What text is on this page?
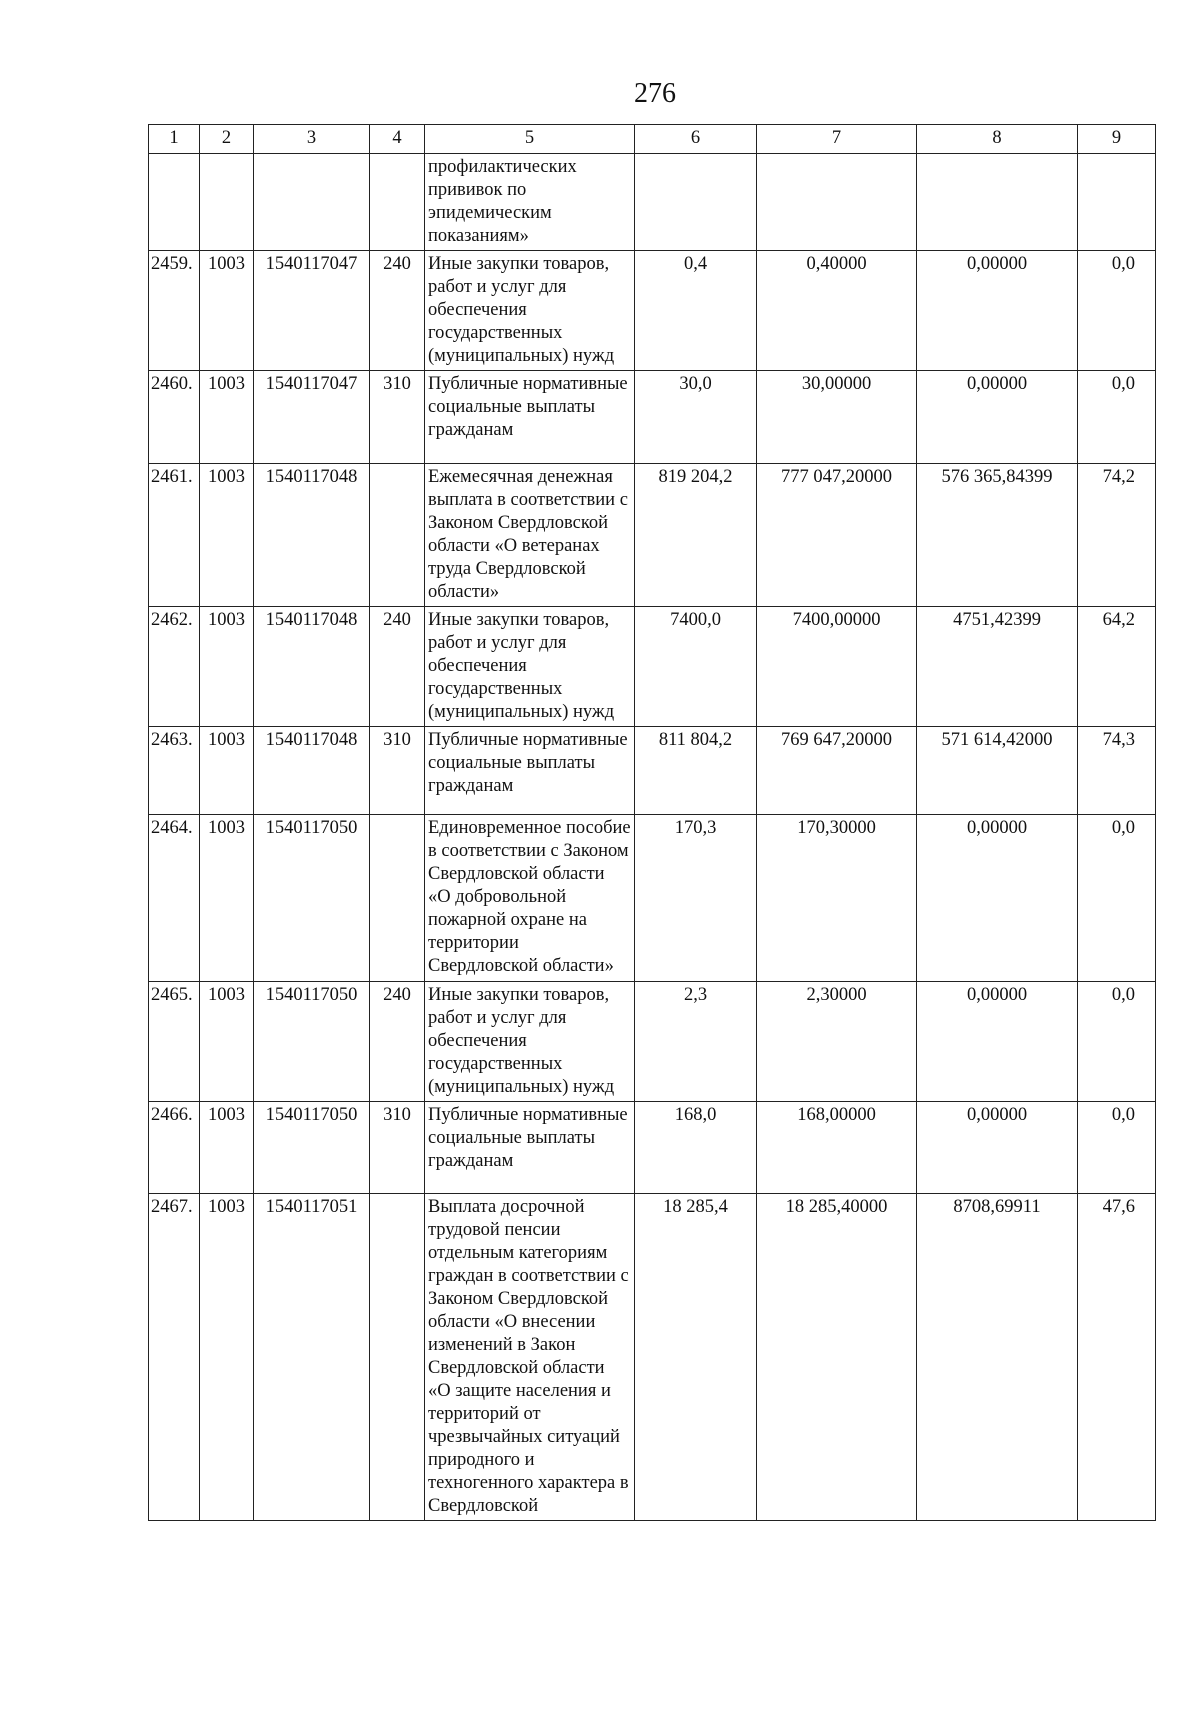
276
1	2	3	4	5	6	7	8	9
				профилактических прививок по эпидемическим показаниям»				
2459.	1003	1540117047	240	Иные закупки товаров, работ и услуг для обеспечения государственных (муниципальных) нужд	0,4	0,40000	0,00000	0,0
2460.	1003	1540117047	310	Публичные нормативные социальные выплаты гражданам	30,0	30,00000	0,00000	0,0
2461.	1003	1540117048		Ежемесячная денежная выплата в соответствии с Законом Свердловской области «О ветеранах труда Свердловской области»	819 204,2	777 047,20000	576 365,84399	74,2
2462.	1003	1540117048	240	Иные закупки товаров, работ и услуг для обеспечения государственных (муниципальных) нужд	7400,0	7400,00000	4751,42399	64,2
2463.	1003	1540117048	310	Публичные нормативные социальные выплаты гражданам	811 804,2	769 647,20000	571 614,42000	74,3
2464.	1003	1540117050		Единовременное пособие в соответствии с Законом Свердловской области «О добровольной пожарной охране на территории Свердловской области»	170,3	170,30000	0,00000	0,0
2465.	1003	1540117050	240	Иные закупки товаров, работ и услуг для обеспечения государственных (муниципальных) нужд	2,3	2,30000	0,00000	0,0
2466.	1003	1540117050	310	Публичные нормативные социальные выплаты гражданам	168,0	168,00000	0,00000	0,0
2467.	1003	1540117051		Выплата досрочной трудовой пенсии отдельным категориям граждан в соответствии с Законом Свердловской области «О внесении изменений в Закон Свердловской области «О защите населения и территорий от чрезвычайных ситуаций природного и техногенного характера в Свердловской	18 285,4	18 285,40000	8708,69911	47,6
